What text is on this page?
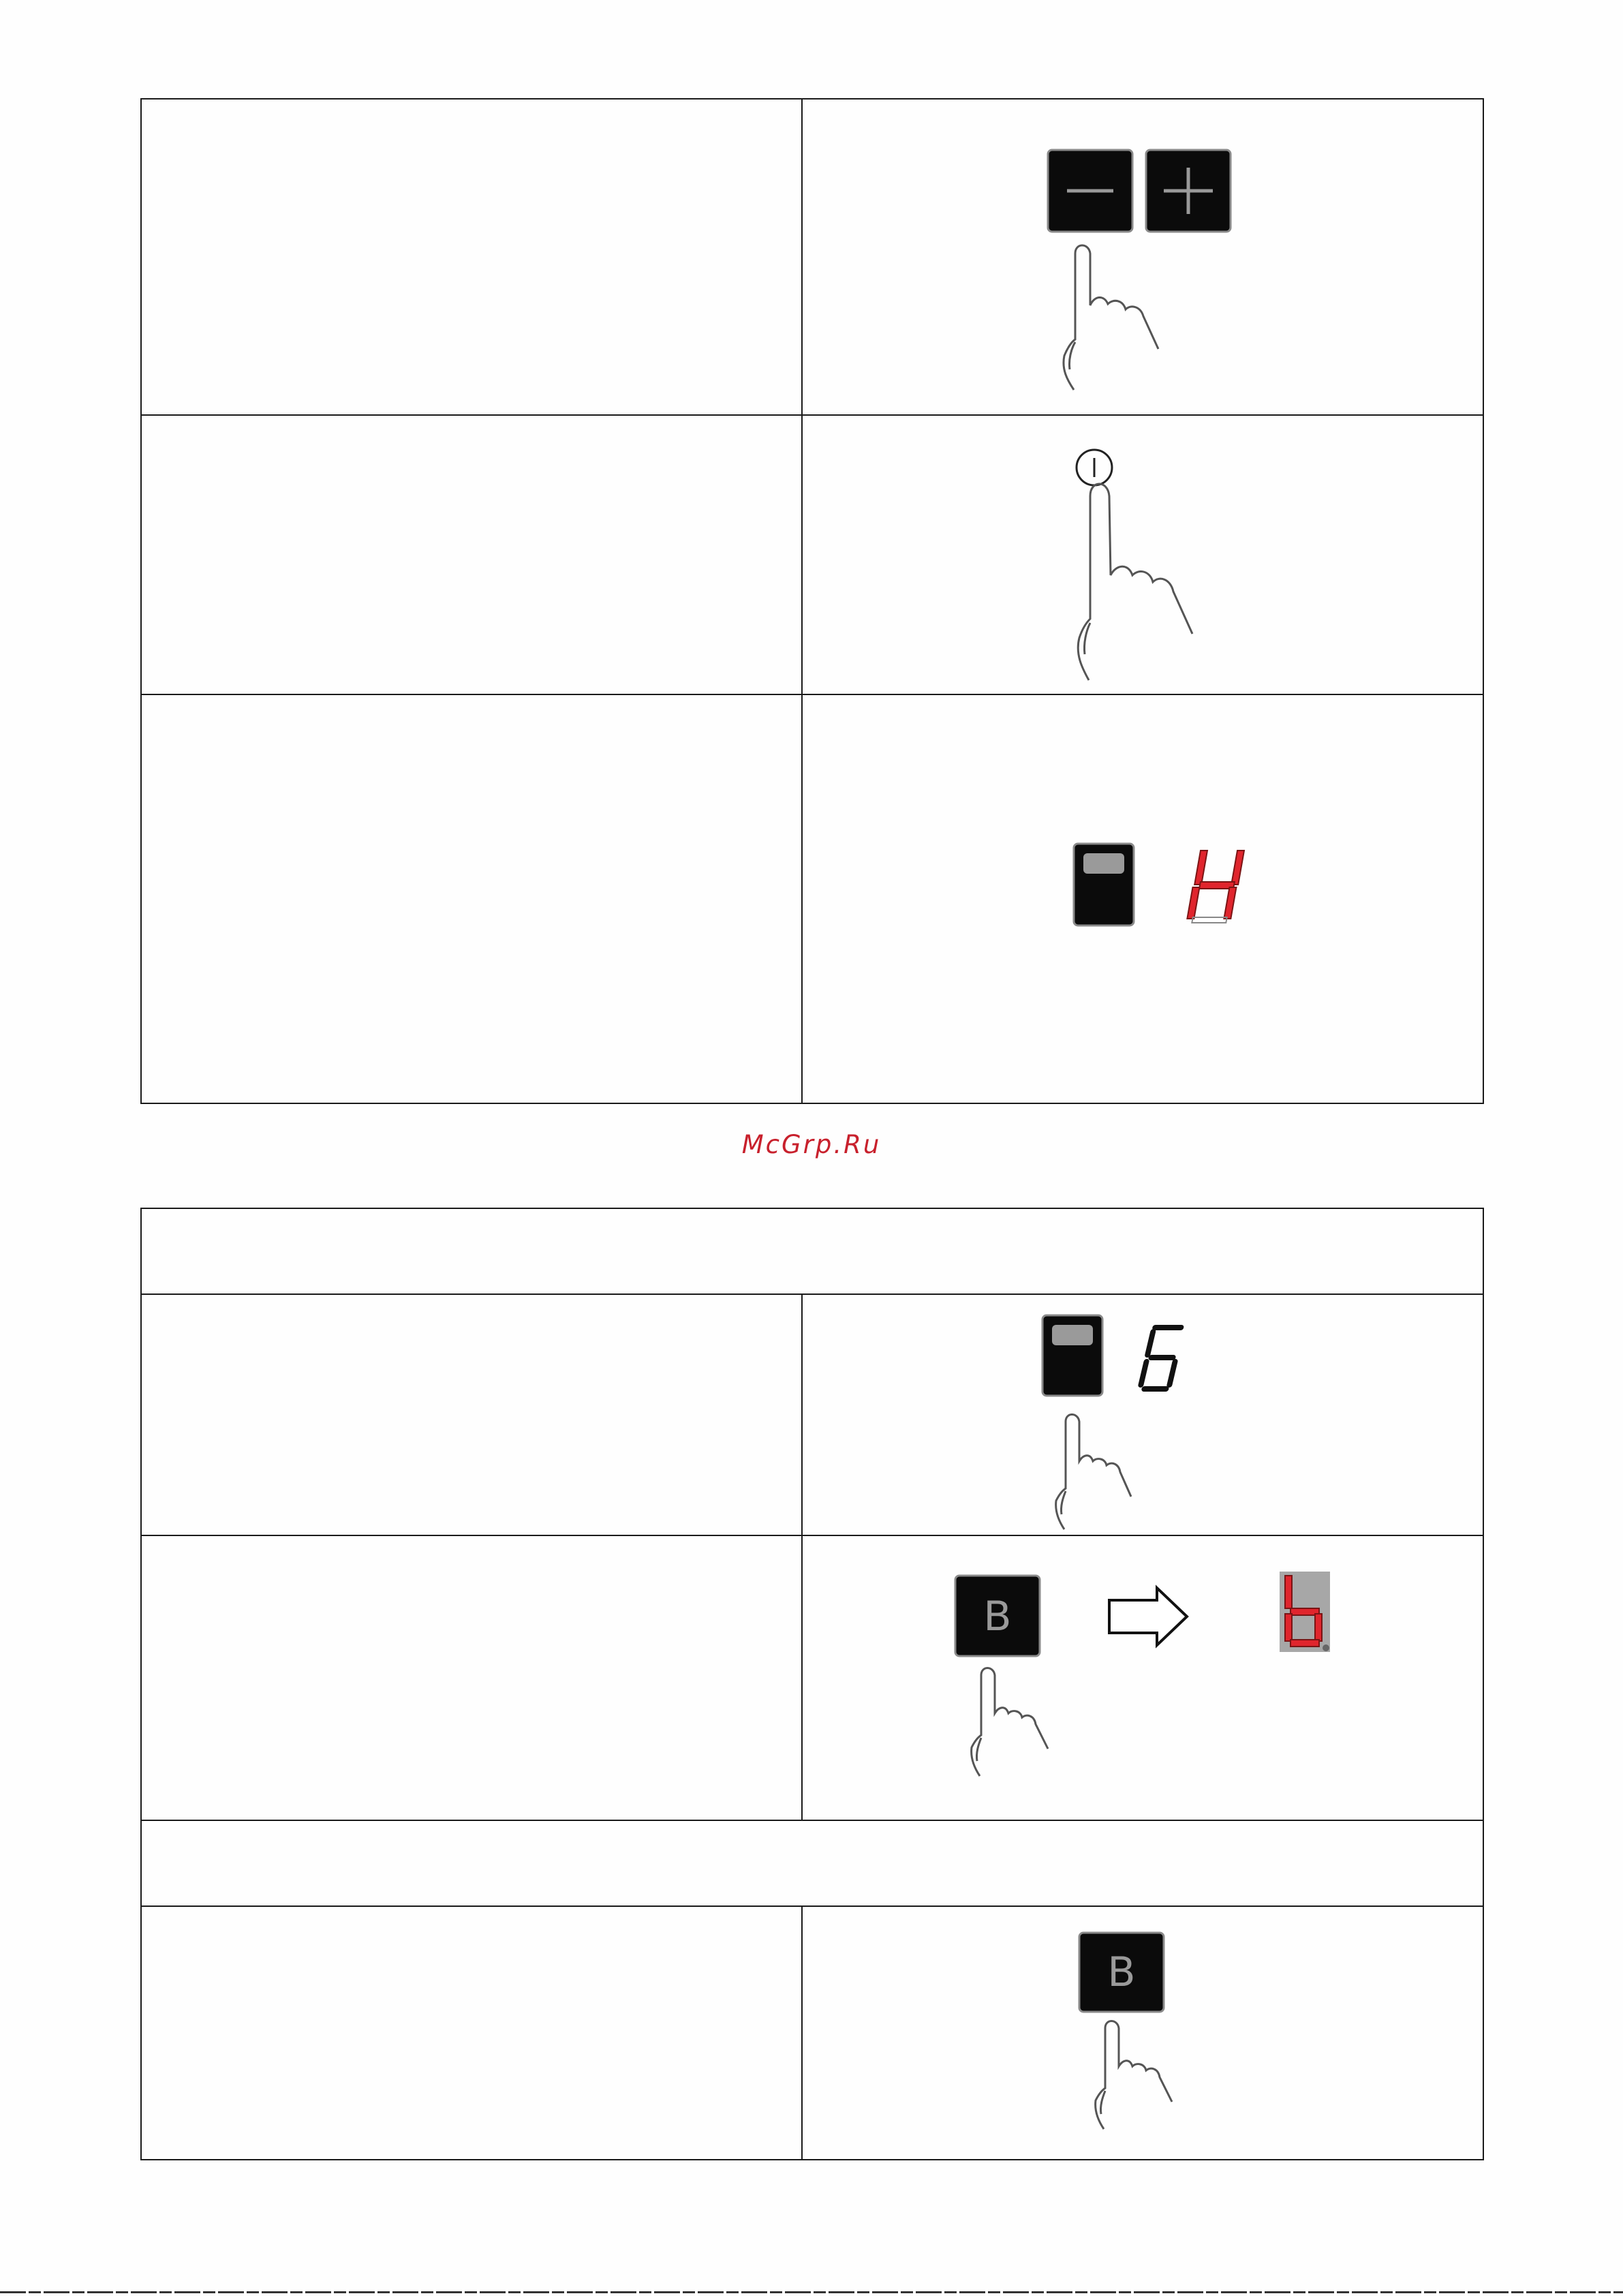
McGrp.Ru

B

B
